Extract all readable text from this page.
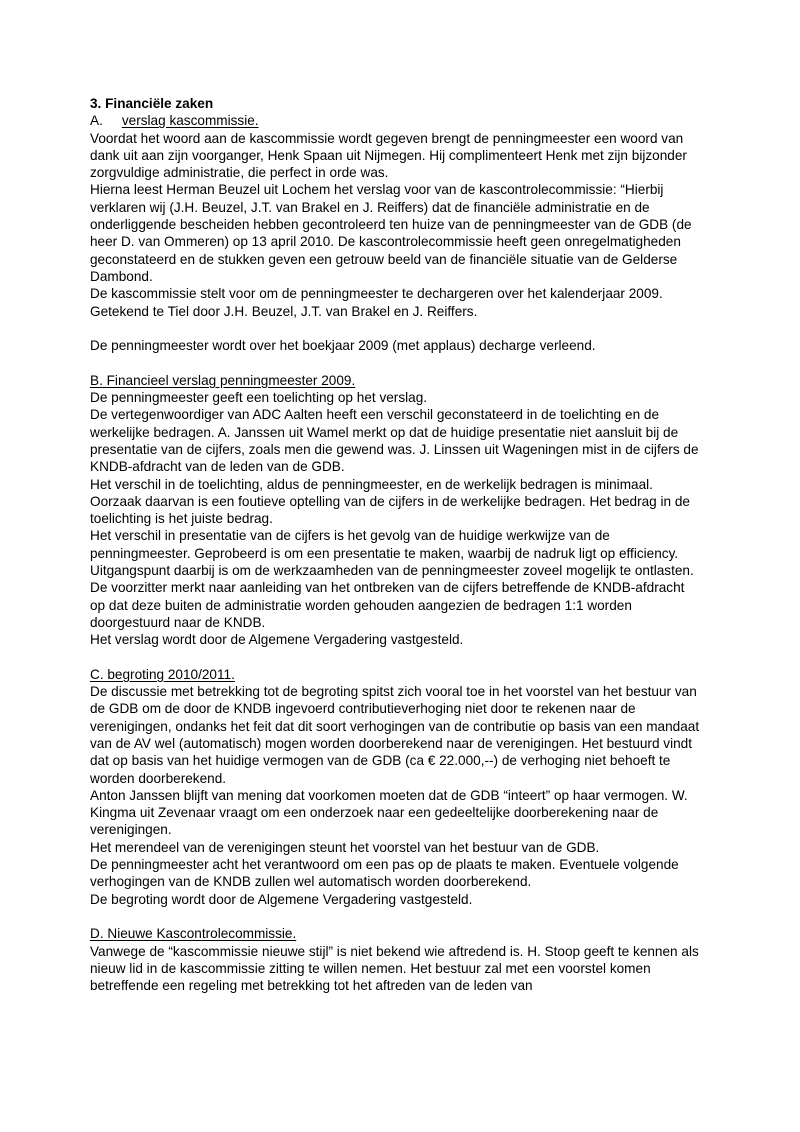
3. Financiële zaken
A. verslag kascommissie.

Voordat het woord aan de kascommissie wordt gegeven brengt de penningmeester een woord van dank uit aan zijn voorganger, Henk Spaan uit Nijmegen. Hij complimenteert Henk met zijn bijzonder zorgvuldige administratie, die perfect in orde was.

Hierna leest Herman Beuzel uit Lochem het verslag voor van de kascontrolecommissie: “Hierbij verklaren wij (J.H. Beuzel, J.T. van Brakel en J. Reiffers) dat de financiële administratie en de onderliggende bescheiden hebben gecontroleerd ten huize van de penningmeester van de GDB (de heer D. van Ommeren) op 13 april 2010. De kascontrolecommissie heeft geen onregelmatigheden geconstateerd en de stukken geven een getrouw beeld van de financiële situatie van de Gelderse Dambond.

De kascommissie stelt voor om de penningmeester te dechargeren over het kalenderjaar 2009.

Getekend te Tiel door J.H. Beuzel, J.T. van Brakel en J. Reiffers.

De penningmeester wordt over het boekjaar 2009 (met applaus) decharge verleend.

B. Financieel verslag penningmeester 2009.

De penningmeester geeft een toelichting op het verslag.

De vertegenwoordiger van ADC Aalten heeft een verschil geconstateerd in de toelichting en de werkelijke bedragen. A. Janssen uit Wamel merkt op dat de huidige presentatie niet aansluit bij de presentatie van de cijfers, zoals men die gewend was. J. Linssen uit Wageningen mist in de cijfers de KNDB-afdracht van de leden van de GDB.

Het verschil in de toelichting, aldus de penningmeester, en de werkelijk bedragen is minimaal. Oorzaak daarvan is een foutieve optelling van de cijfers in de werkelijke bedragen. Het bedrag in de toelichting is het juiste bedrag.

Het verschil in presentatie van de cijfers is het gevolg van de huidige werkwijze van de penningmeester. Geprobeerd is om een presentatie te maken, waarbij de nadruk ligt op efficiency. Uitgangspunt daarbij is om de werkzaamheden van de penningmeester zoveel mogelijk te ontlasten.

De voorzitter merkt naar aanleiding van het ontbreken van de cijfers betreffende de KNDB-afdracht op dat deze buiten de administratie worden gehouden aangezien de bedragen 1:1 worden doorgestuurd naar de KNDB.

Het verslag wordt door de Algemene Vergadering vastgesteld.

C. begroting 2010/2011.

De discussie met betrekking tot de begroting spitst zich vooral toe in het voorstel van het bestuur van de GDB om de door de KNDB ingevoerd contributieverhoging niet door te rekenen naar de verenigingen, ondanks het feit dat dit soort verhogingen van de contributie op basis van een mandaat van de AV wel (automatisch) mogen worden doorberekend naar de verenigingen. Het bestuurd vindt dat op basis van het huidige vermogen van de GDB (ca € 22.000,--) de verhoging niet behoeft te worden doorberekend.

Anton Janssen blijft van mening dat voorkomen moeten dat de GDB “inteert” op haar vermogen. W. Kingma uit Zevenaar vraagt om een onderzoek naar een gedeeltelijke doorberekening naar de verenigingen.

Het merendeel van de verenigingen steunt het voorstel van het bestuur van de GDB.

De penningmeester acht het verantwoord om een pas op de plaats te maken. Eventuele volgende verhogingen van de KNDB zullen wel automatisch worden doorberekend.

De begroting wordt door de Algemene Vergadering vastgesteld.

D. Nieuwe Kascontrolecommissie.

Vanwege de “kascommissie nieuwe stijl” is niet bekend wie aftredend is. H. Stoop geeft te kennen als nieuw lid in de kascommissie zitting te willen nemen. Het bestuur zal met een voorstel komen betreffende een regeling met betrekking tot het aftreden van de leden van
